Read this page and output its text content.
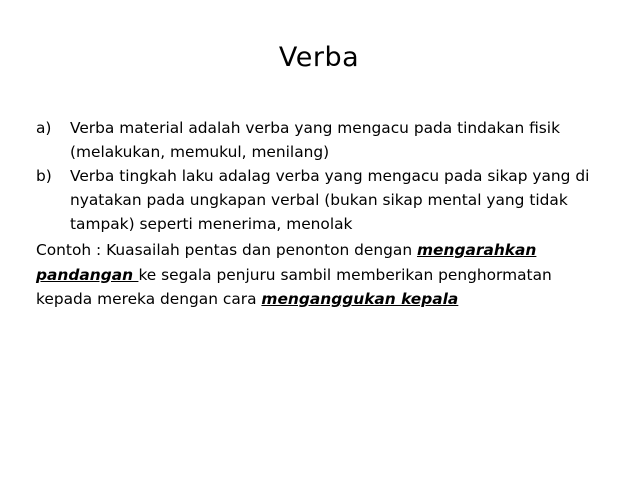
Verba
a) Verba material adalah verba yang mengacu pada tindakan fisik (melakukan, memukul, menilang)
b) Verba tingkah laku adalag verba yang mengacu pada sikap yang di nyatakan pada ungkapan verbal (bukan sikap mental yang tidak tampak) seperti menerima, menolak
Contoh : Kuasailah pentas dan penonton dengan mengarahkan pandangan ke segala penjuru sambil memberikan penghormatan kepada mereka dengan cara menganggukan kepala
